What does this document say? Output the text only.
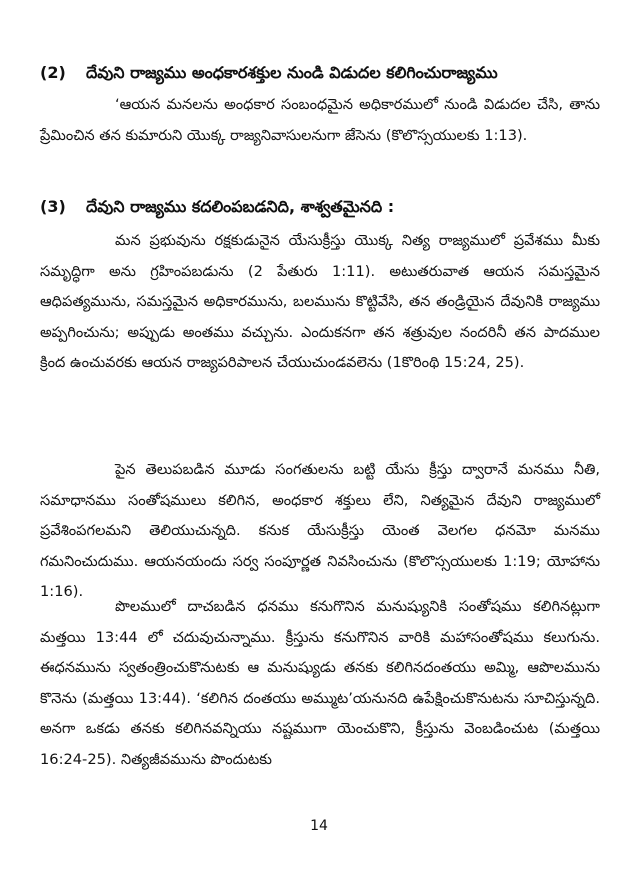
(2) దేవుని రాజ్యము అంధకారశక్తుల నుండి విడుదల కలిగించురాజ్యము

‘ఆయన మనలను అంధకార సంబంధమైన అధికారములో నుండి విడుదల చేసి, తాను ప్రేమించిన తన కుమారుని యొక్క రాజ్యనివాసులనుగా జేసెను (కొలొస్సయులకు 1:13).

(3) దేవుని రాజ్యము కదలింపబడనిది, శాశ్వతమైనది :

మన ప్రభువును రక్షకుడునైన యేసుక్రీస్తు యొక్క నిత్య రాజ్యములో ప్రవేశము మీకు సమృద్ధిగా అను గ్రహింపబడును (2 పేతురు 1:11). అటుతరువాత ఆయన సమస్తమైన ఆధిపత్యమును, సమస్తమైన అధికారమును, బలమును కొట్టివేసి, తన తండ్రియైన దేవునికి రాజ్యము అప్పగించును; అప్పుడు అంతము వచ్చును. ఎందుకనగా తన శత్రువుల నందరినీ తన పాదముల క్రింద ఉంచువరకు ఆయన రాజ్యపరిపాలన చేయుచుండవలెను (1కొరింథి 15:24, 25).

పైన తెలుపబడిన మూడు సంగతులను బట్టి యేసు క్రీస్తు ద్వారానే మనము నీతి, సమాధానము సంతోషములు కలిగిన, అంధకార శక్తులు లేని, నిత్యమైన దేవుని రాజ్యములో ప్రవేశింపగలమని తెలియుచున్నది. కనుక యేసుక్రీస్తు యెంత వెలగల ధనమో మనము గమనించుదుము. ఆయనయందు సర్వ సంపూర్ణత నివసించును (కొలొస్సయులకు 1:19; యోహాను 1:16).

పొలములో దాచబడిన ధనము కనుగొనిన మనుష్యునికి సంతోషము కలిగినట్లుగా మత్తయి 13:44 లో చదువుచున్నాము. క్రీస్తును కనుగొనిన వారికి మహాసంతోషము కలుగును. ఈధనమును స్వతంత్రించుకొనుటకు ఆ మనుష్యుడు తనకు కలిగినదంతయు అమ్మి, ఆపొలమును కొనెను (మత్తయి 13:44). ‘కలిగిన దంతయు అమ్ముట’యనునది ఉపేక్షించుకొనుటను సూచిస్తున్నది. అనగా ఒకడు తనకు కలిగినవన్నియు నష్టముగా యెంచుకొని, క్రీస్తును వెంబడించుట (మత్తయి 16:24-25). నిత్యజీవమును పొందుటకు

14
